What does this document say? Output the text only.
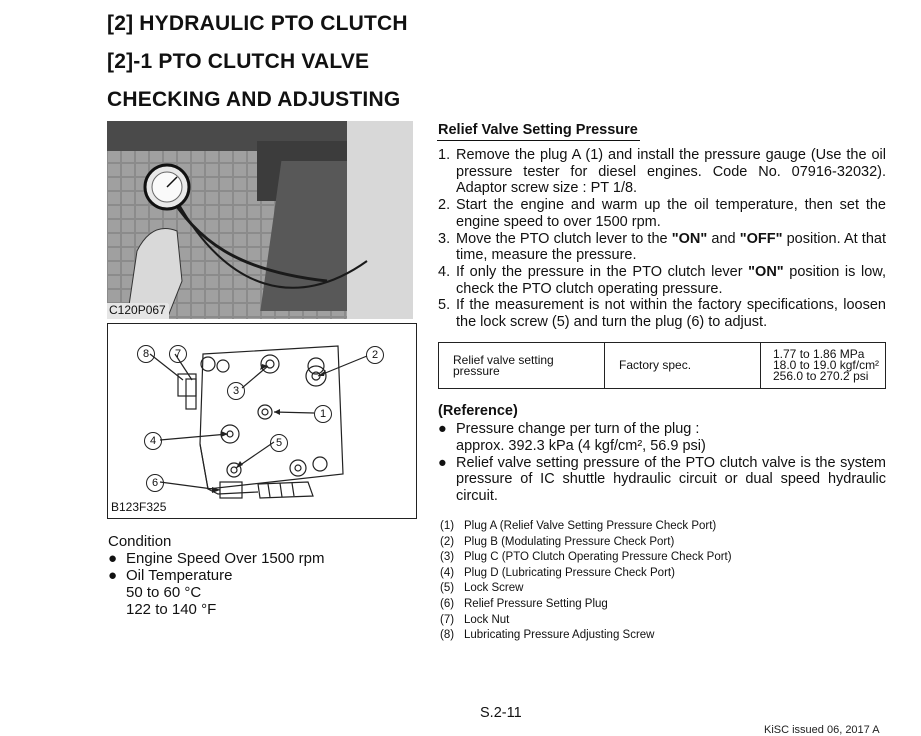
[2] HYDRAULIC PTO CLUTCH
[2]-1 PTO CLUTCH VALVE
CHECKING AND ADJUSTING
C120P067
8	7	2
3
1
4	5
6
B123F325
Condition
● Engine Speed Over 1500 rpm
● Oil Temperature
50 to 60 °C
122 to 140 °F
Relief Valve Setting Pressure
1. Remove the plug A (1) and install the pressure gauge (Use the oil pressure tester for diesel engines. Code No. 07916-32032). Adaptor screw size : PT 1/8.
2. Start the engine and warm up the oil temperature, then set the engine speed to over 1500 rpm.
3. Move the PTO clutch lever to the "ON" and "OFF" position. At that time, measure the pressure.
4. If only the pressure in the PTO clutch lever "ON" position is low, check the PTO clutch operating pressure.
5. If the measurement is not within the factory specifications, loosen the lock screw (5) and turn the plug (6) to adjust.
Relief valve setting pressure	Factory spec.	
1.77 to 1.86 MPa
18.0 to 19.0 kgf/cm²
256.0 to 270.2 psi
(Reference)
● Pressure change per turn of the plug :
approx. 392.3 kPa (4 kgf/cm², 56.9 psi)
● Relief valve setting pressure of the PTO clutch valve is the system pressure of IC shuttle hydraulic circuit or dual speed hydraulic circuit.
(1) Plug A (Relief Valve Setting Pressure Check Port)
(2) Plug B (Modulating Pressure Check Port)
(3) Plug C (PTO Clutch Operating Pressure Check Port)
(4) Plug D (Lubricating Pressure Check Port)
(5) Lock Screw
(6) Relief Pressure Setting Plug
(7) Lock Nut
(8) Lubricating Pressure Adjusting Screw
S.2-11
KiSC issued 06, 2017 A
